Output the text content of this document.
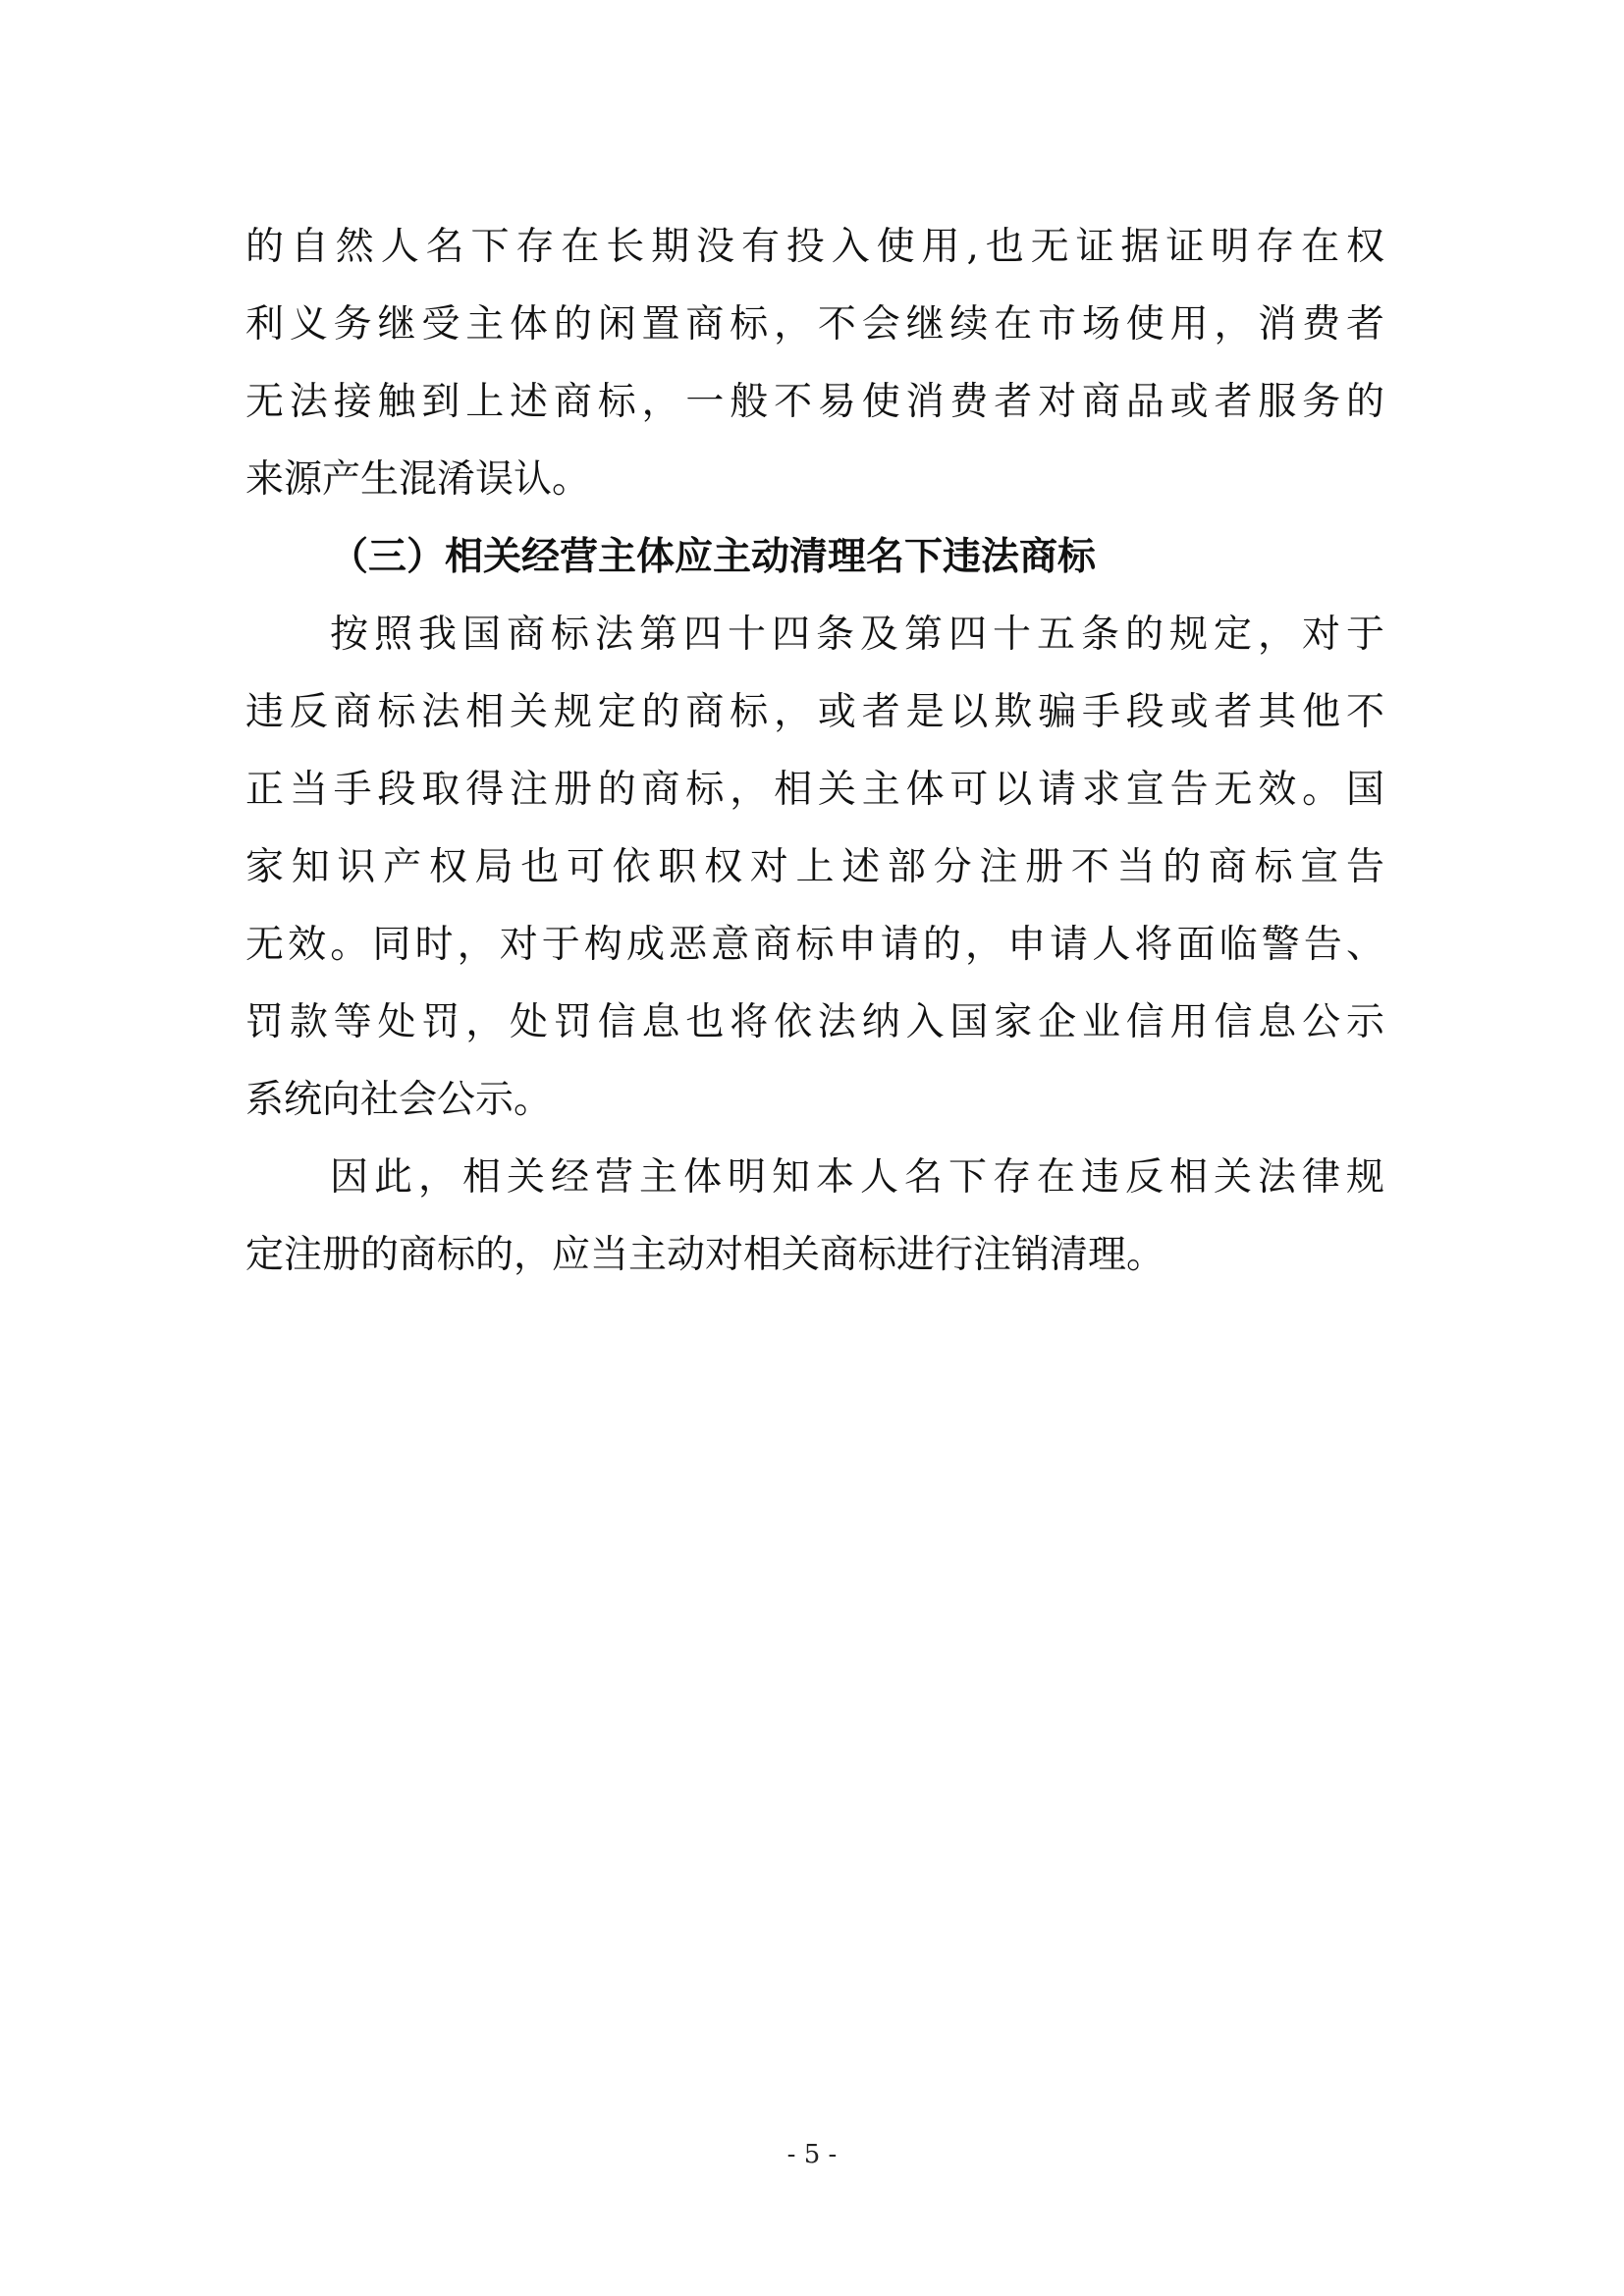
的自然人名下存在长期没有投入使用,也无证据证明存在权
利义务继受主体的闲置商标，不会继续在市场使用，消费者
无法接触到上述商标，一般不易使消费者对商品或者服务的
来源产生混淆误认。
（三）相关经营主体应主动清理名下违法商标
按照我国商标法第四十四条及第四十五条的规定，对于
违反商标法相关规定的商标，或者是以欺骗手段或者其他不
正当手段取得注册的商标，相关主体可以请求宣告无效。国
家知识产权局也可依职权对上述部分注册不当的商标宣告
无效。同时，对于构成恶意商标申请的，申请人将面临警告、
罚款等处罚，处罚信息也将依法纳入国家企业信用信息公示
系统向社会公示。
因此，相关经营主体明知本人名下存在违反相关法律规
定注册的商标的，应当主动对相关商标进行注销清理。
- 5 -
